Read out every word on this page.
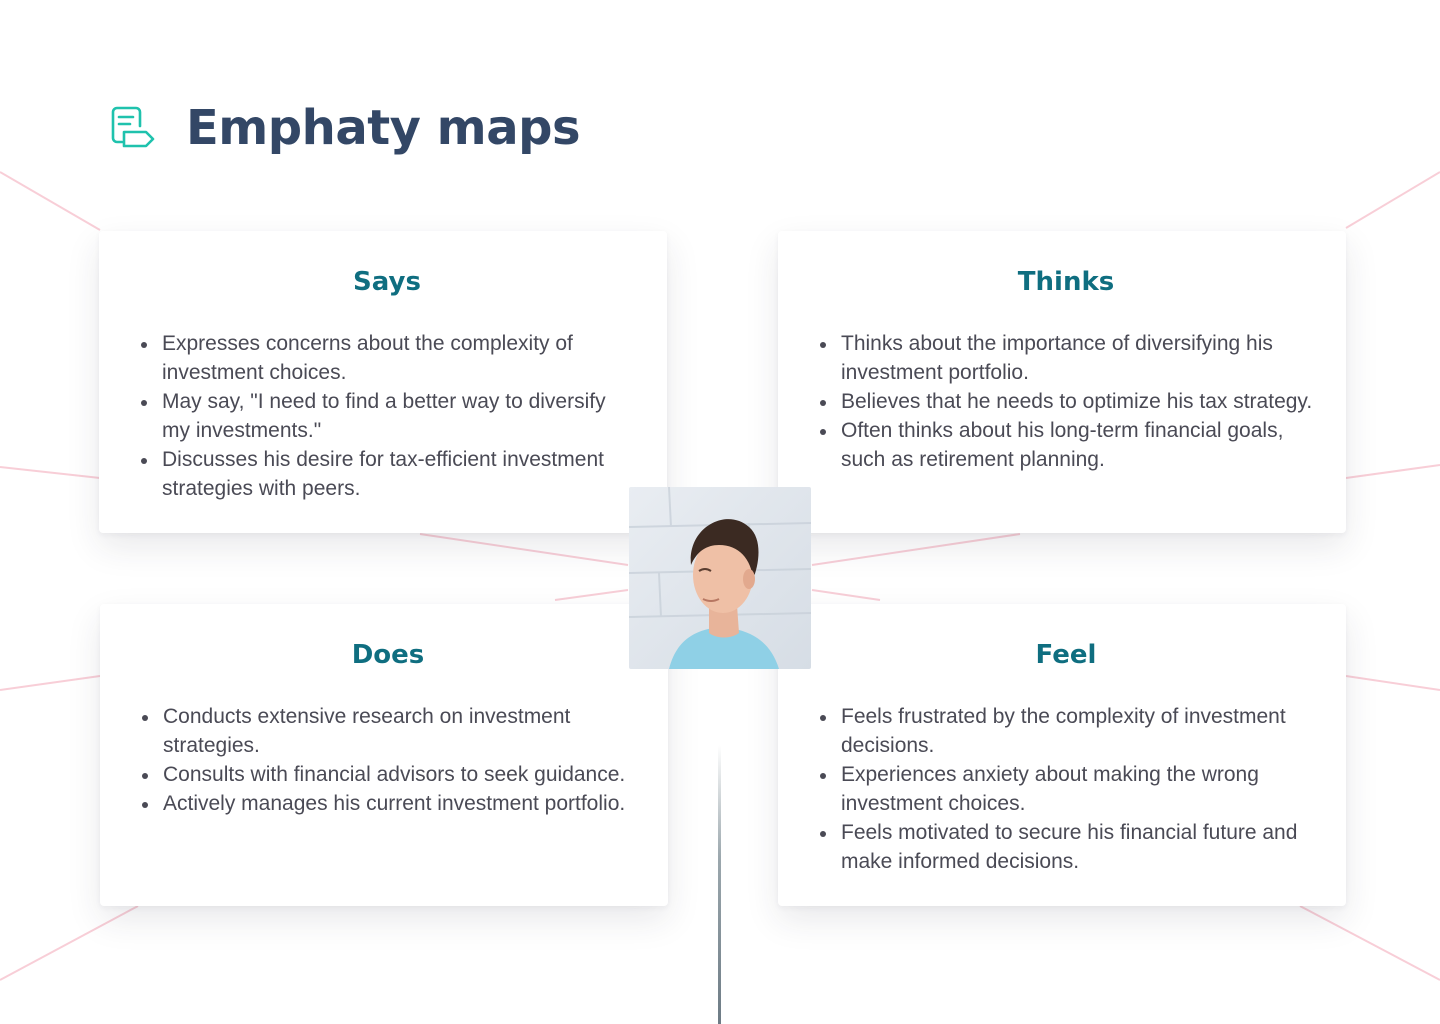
Emphaty maps
Says
Expresses concerns about the complexity of investment choices.
May say, "I need to find a better way to diversify my investments."
Discusses his desire for tax-efficient investment strategies with peers.
Thinks
Thinks about the importance of diversifying his investment portfolio.
Believes that he needs to optimize his tax strategy.
Often thinks about his long-term financial goals, such as retirement planning.
Does
Conducts extensive research on investment strategies.
Consults with financial advisors to seek guidance.
Actively manages his current investment portfolio.
Feel
Feels frustrated by the complexity of investment decisions.
Experiences anxiety about making the wrong investment choices.
Feels motivated to secure his financial future and make informed decisions.
